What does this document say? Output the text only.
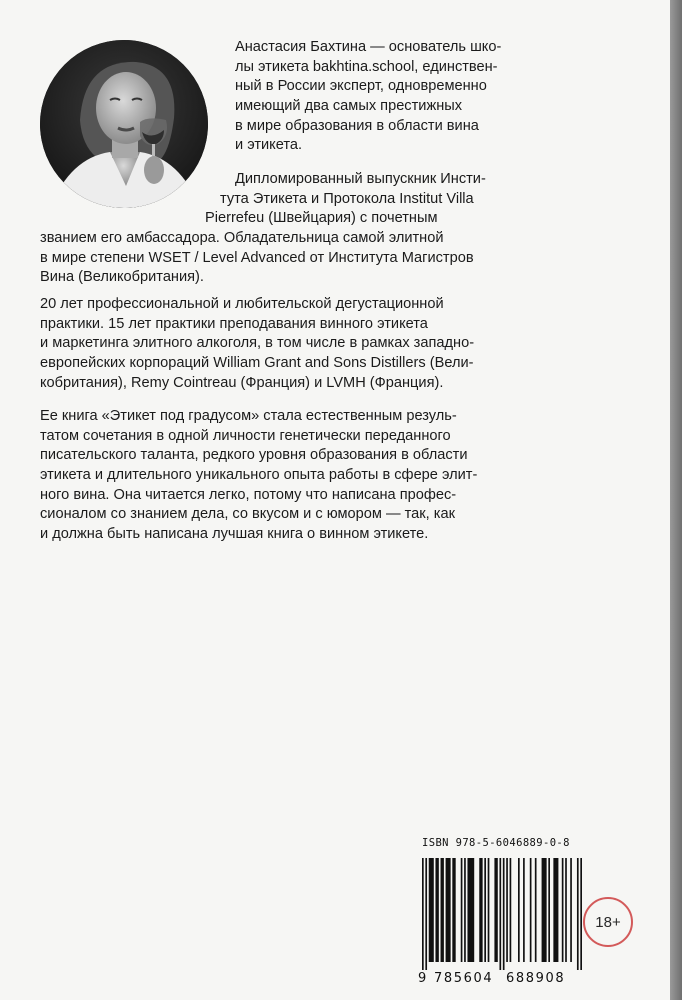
Анастасия Бахтина — основатель шко-
лы этикета bakhtina.school, единствен-
ный в России эксперт, одновременно
имеющий два самых престижных
в мире образования в области вина
и этикета.
Дипломированный выпускник Инсти-
тута Этикета и Протокола Institut Villa
Pierrefeu (Швейцария) с почетным
званием его амбассадора. Обладательница самой элитной
в мире степени WSET / Level Advanced от Института Магистров
Вина (Великобритания).
20 лет профессиональной и любительской дегустационной
практики. 15 лет практики преподавания винного этикета
и маркетинга элитного алкоголя, в том числе в рамках западно-
европейских корпораций William Grant and Sons Distillers (Вели-
кобритания), Remy Cointreau (Франция) и LVMH (Франция).
Ее книга «Этикет под градусом» стала естественным резуль-
татом сочетания в одной личности генетически переданного
писательского таланта, редкого уровня образования в области
этикета и длительного уникального опыта работы в сфере элит-
ного вина. Она читается легко, потому что написана профес-
сионалом со знанием дела, со вкусом и с юмором — так, как
и должна быть написана лучшая книга о винном этикете.
ISBN 978-5-6046889-0-8
9 785604 688908
18+
